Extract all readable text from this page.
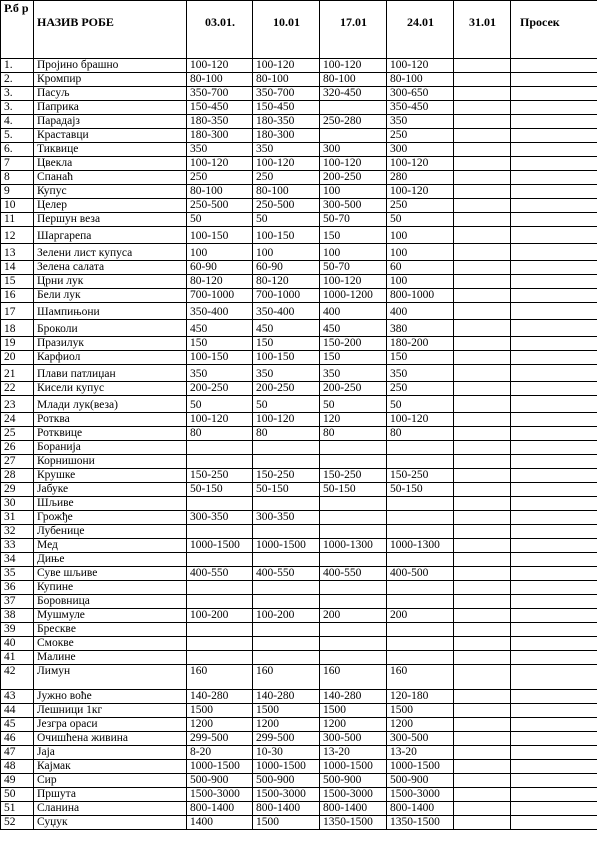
Р.б р	НАЗИВ РОБЕ	03.01.	10.01	17.01	24.01	31.01	Просек
1.	Пројино брашно	100-120	100-120	100-120	100-120		
2.	Кромпир	80-100	80-100	80-100	80-100		
3.	Пасуљ	350-700	350-700	320-450	300-650		
3.	Паприка	150-450	150-450		350-450		
4.	Парадајз	180-350	180-350	250-280	350		
5.	Краставци	180-300	180-300		250		
6.	Тиквице	350	350	300	300		
7	Цвекла	100-120	100-120	100-120	100-120		
8	Спанаћ	250	250	200-250	280		
9	Купус	80-100	80-100	100	100-120		
10	Целер	250-500	250-500	300-500	250		
11	Першун веза	50	50	50-70	50		
12	Шаргарепа	100-150	100-150	150	100		
13	Зелени лист купуса	100	100	100	100		
14	Зелена салата	60-90	60-90	50-70	60		
15	Црни лук	80-120	80-120	100-120	100		
16	Бели лук	700-1000	700-1000	1000-1200	800-1000		
17	Шампињони	350-400	350-400	400	400		
18	Броколи	450	450	450	380		
19	Празилук	150	150	150-200	180-200		
20	Карфиол	100-150	100-150	150	150		
21	Плави патлиџан	350	350	350	350		
22	Кисели купус	200-250	200-250	200-250	250		
23	Млади лук(веза)	50	50	50	50		
24	Ротква	100-120	100-120	120	100-120		
25	Ротквице	80	80	80	80		
26	Боранија						
27	Корнишони						
28	Крушке	150-250	150-250	150-250	150-250		
29	Јабуке	50-150	50-150	50-150	50-150		
30	Шљиве						
31	Грожђе	300-350	300-350				
32	Лубенице						
33	Мед	1000-1500	1000-1500	1000-1300	1000-1300		
34	Диње						
35	Суве шљиве	400-550	400-550	400-550	400-500		
36	Купине						
37	Боровница						
38	Мушмуле	100-200	100-200	200	200		
39	Бресквe						
40	Смокве						
41	Малине						
42	Лимун	160	160	160	160		
43	Јужно воће	140-280	140-280	140-280	120-180		
44	Лешници 1кг	1500	1500	1500	1500		
45	Језгра ораси	1200	1200	1200	1200		
46	Очишћена живина	299-500	299-500	300-500	300-500		
47	Јаја	8-20	10-30	13-20	13-20		
48	Кајмак	1000-1500	1000-1500	1000-1500	1000-1500		
49	Сир	500-900	500-900	500-900	500-900		
50	Пршута	1500-3000	1500-3000	1500-3000	1500-3000		
51	Сланина	800-1400	800-1400	800-1400	800-1400		
52	Суџук	1400	1500	1350-1500	1350-1500		
